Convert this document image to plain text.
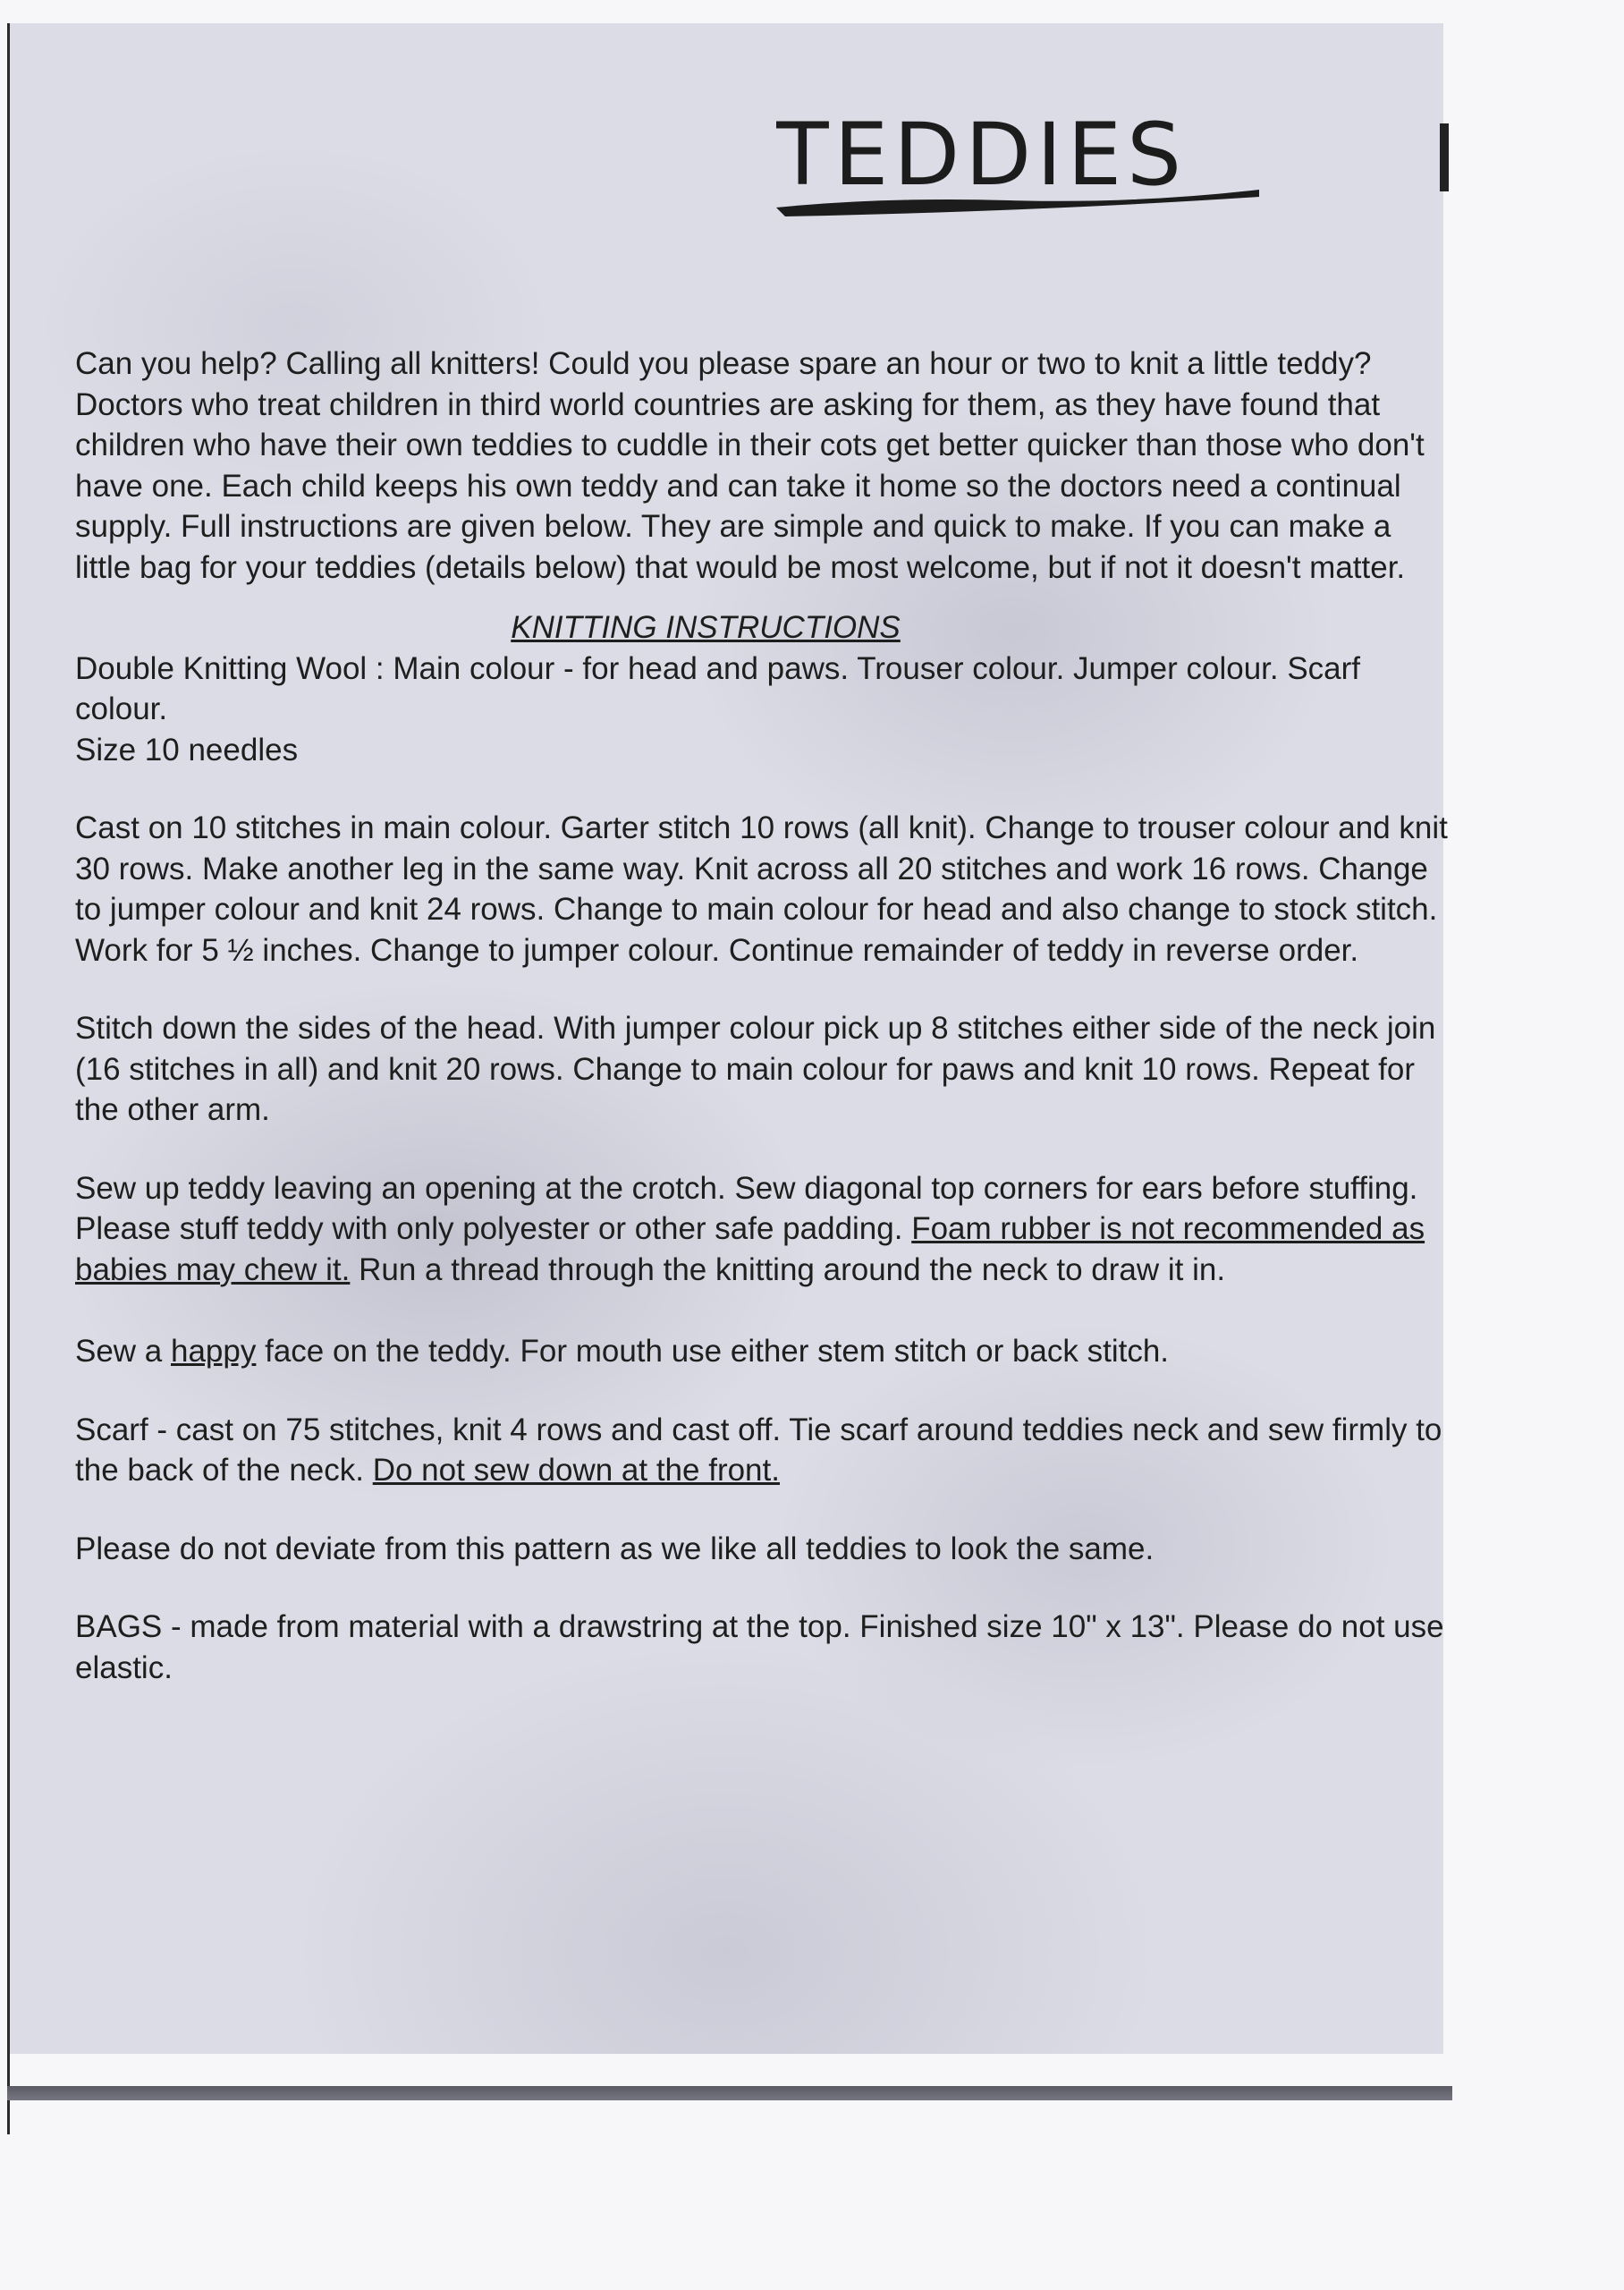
TEDDIES

Can you help? Calling all knitters! Could you please spare an hour or two to knit a little teddy? Doctors who treat children in third world countries are asking for them, as they have found that children who have their own teddies to cuddle in their cots get better quicker than those who don't have one. Each child keeps his own teddy and can take it home so the doctors need a continual supply. Full instructions are given below. They are simple and quick to make. If you can make a little bag for your teddies (details below) that would be most welcome, but if not it doesn't matter.

KNITTING INSTRUCTIONS

Double Knitting Wool : Main colour - for head and paws. Trouser colour. Jumper colour. Scarf colour.

Size 10 needles

Cast on 10 stitches in main colour. Garter stitch 10 rows (all knit). Change to trouser colour and knit 30 rows. Make another leg in the same way. Knit across all 20 stitches and work 16 rows. Change to jumper colour and knit 24 rows. Change to main colour for head and also change to stock stitch. Work for 5 ½ inches. Change to jumper colour. Continue remainder of teddy in reverse order.

Stitch down the sides of the head. With jumper colour pick up 8 stitches either side of the neck join (16 stitches in all) and knit 20 rows. Change to main colour for paws and knit 10 rows. Repeat for the other arm.

Sew up teddy leaving an opening at the crotch. Sew diagonal top corners for ears before stuffing. Please stuff teddy with only polyester or other safe padding. Foam rubber is not recommended as babies may chew it. Run a thread through the knitting around the neck to draw it in.

Sew a happy face on the teddy. For mouth use either stem stitch or back stitch.

Scarf - cast on 75 stitches, knit 4 rows and cast off. Tie scarf around teddies neck and sew firmly to the back of the neck. Do not sew down at the front.

Please do not deviate from this pattern as we like all teddies to look the same.

BAGS - made from material with a drawstring at the top. Finished size 10" x 13". Please do not use elastic.
